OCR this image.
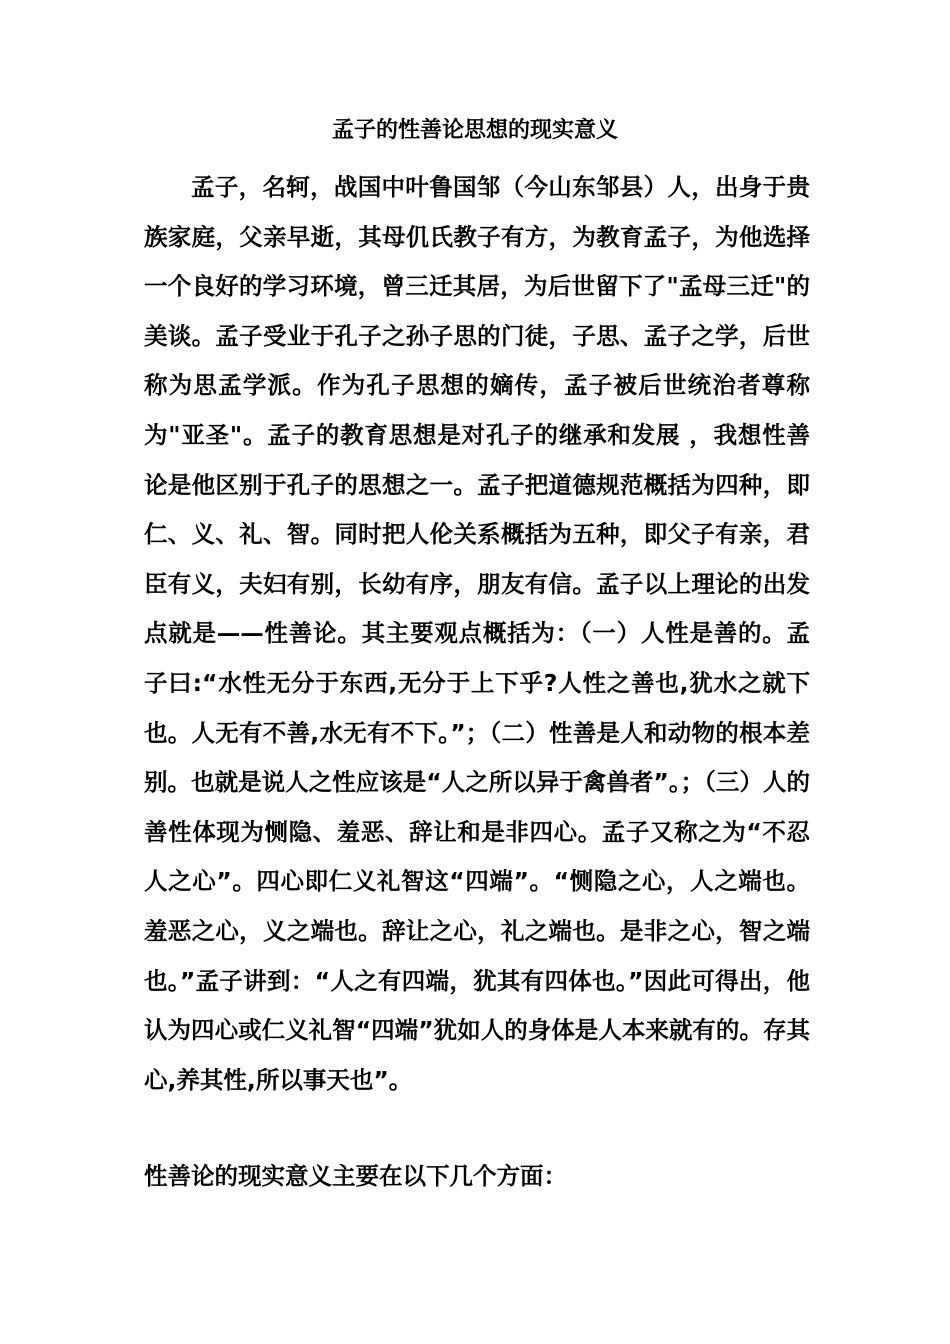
孟子的性善论思想的现实意义

孟子，名轲，战国中叶鲁国邹（今山东邹县）人，出身于贵族家庭，父亲早逝，其母仉氏教子有方，为教育孟子，为他选择一个良好的学习环境，曾三迁其居，为后世留下了"孟母三迁"的美谈。孟子受业于孔子之孙子思的门徒，子思、孟子之学，后世称为思孟学派。作为孔子思想的嫡传，孟子被后世统治者尊称为"亚圣"。孟子的教育思想是对孔子的继承和发展 ，我想性善论是他区别于孔子的思想之一。孟子把道德规范概括为四种，即仁、义、礼、智。同时把人伦关系概括为五种，即父子有亲，君臣有义，夫妇有别，长幼有序，朋友有信。孟子以上理论的出发点就是——性善论。其主要观点概括为：（一）人性是善的。孟子曰:“水性无分于东西,无分于上下乎?人性之善也,犹水之就下也。人无有不善,水无有不下。”；（二）性善是人和动物的根本差别。也就是说人之性应该是“人之所以异于禽兽者”。；（三）人的善性体现为恻隐、羞恶、辞让和是非四心。孟子又称之为“不忍人之心”。四心即仁义礼智这“四端”。“恻隐之心，人之端也。羞恶之心，义之端也。辞让之心，礼之端也。是非之心，智之端也。”孟子讲到：“人之有四端，犹其有四体也。”因此可得出，他认为四心或仁义礼智“四端”犹如人的身体是人本来就有的。存其心,养其性,所以事天也”。

性善论的现实意义主要在以下几个方面：
